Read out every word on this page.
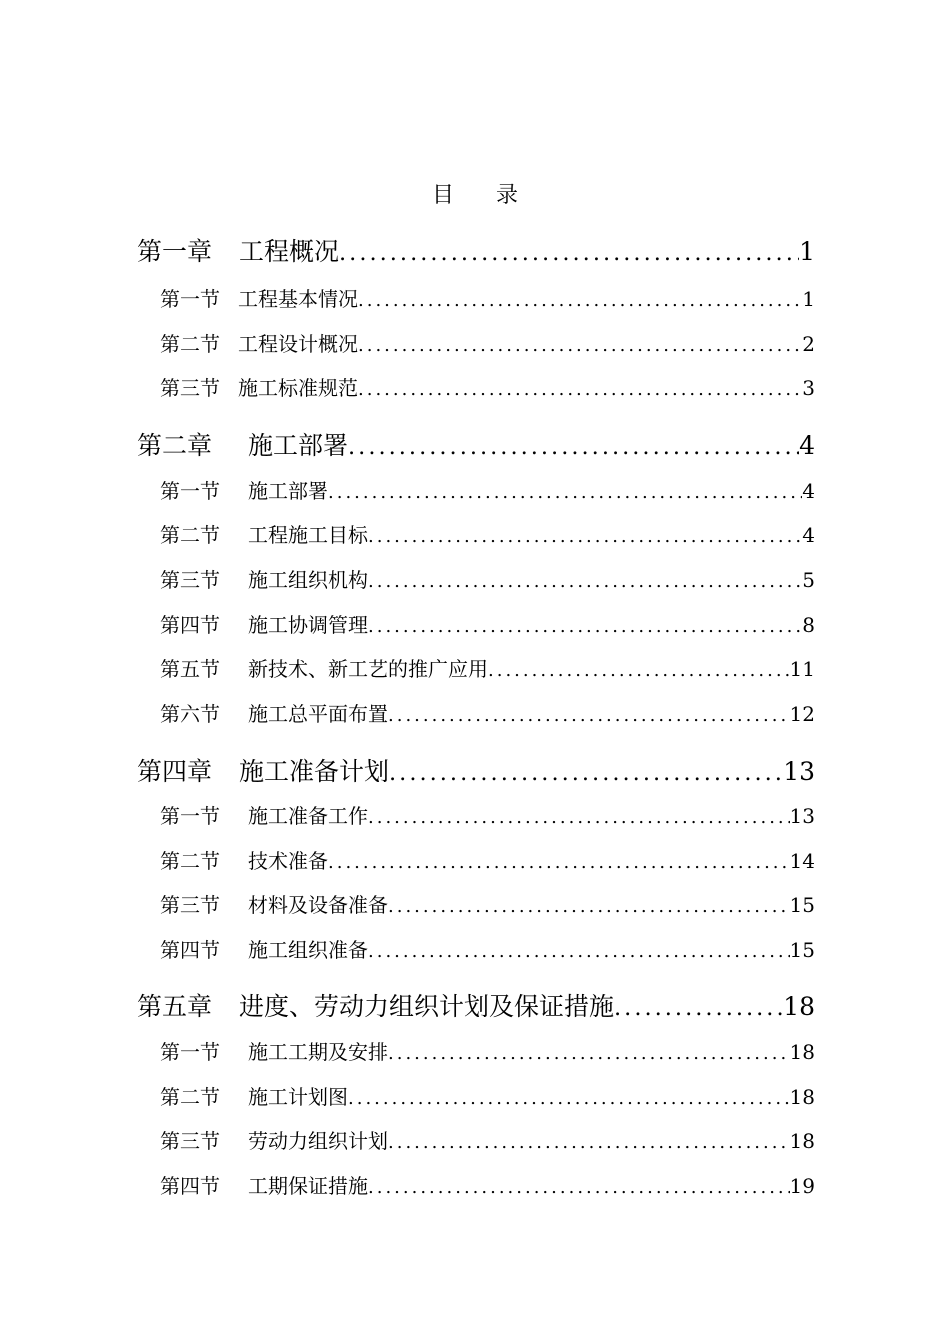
目 录
第一章	工程概况 .....	1
第一节 工程基本情况 .....	1
第二节 工程设计概况 .....	2
第三节 施工标准规范 .....	3
第二章	施工部署 .....	4
第一节	施工部署 .....	4
第二节	工程施工目标 .....	4
第三节	施工组织机构 .....	5
第四节	施工协调管理 .....	8
第五节	新技术、新工艺的推广应用 .....	11
第六节	施工总平面布置 .....	12
第四章	施工准备计划 .....	13
第一节	施工准备工作 .....	13
第二节	技术准备 .....	14
第三节	材料及设备准备 .....	15
第四节	施工组织准备 .....	15
第五章	进度、劳动力组织计划及保证措施 .....	18
第一节	施工工期及安排 .....	18
第二节	施工计划图 .....	18
第三节	劳动力组织计划 .....	18
第四节	工期保证措施 .....	19
